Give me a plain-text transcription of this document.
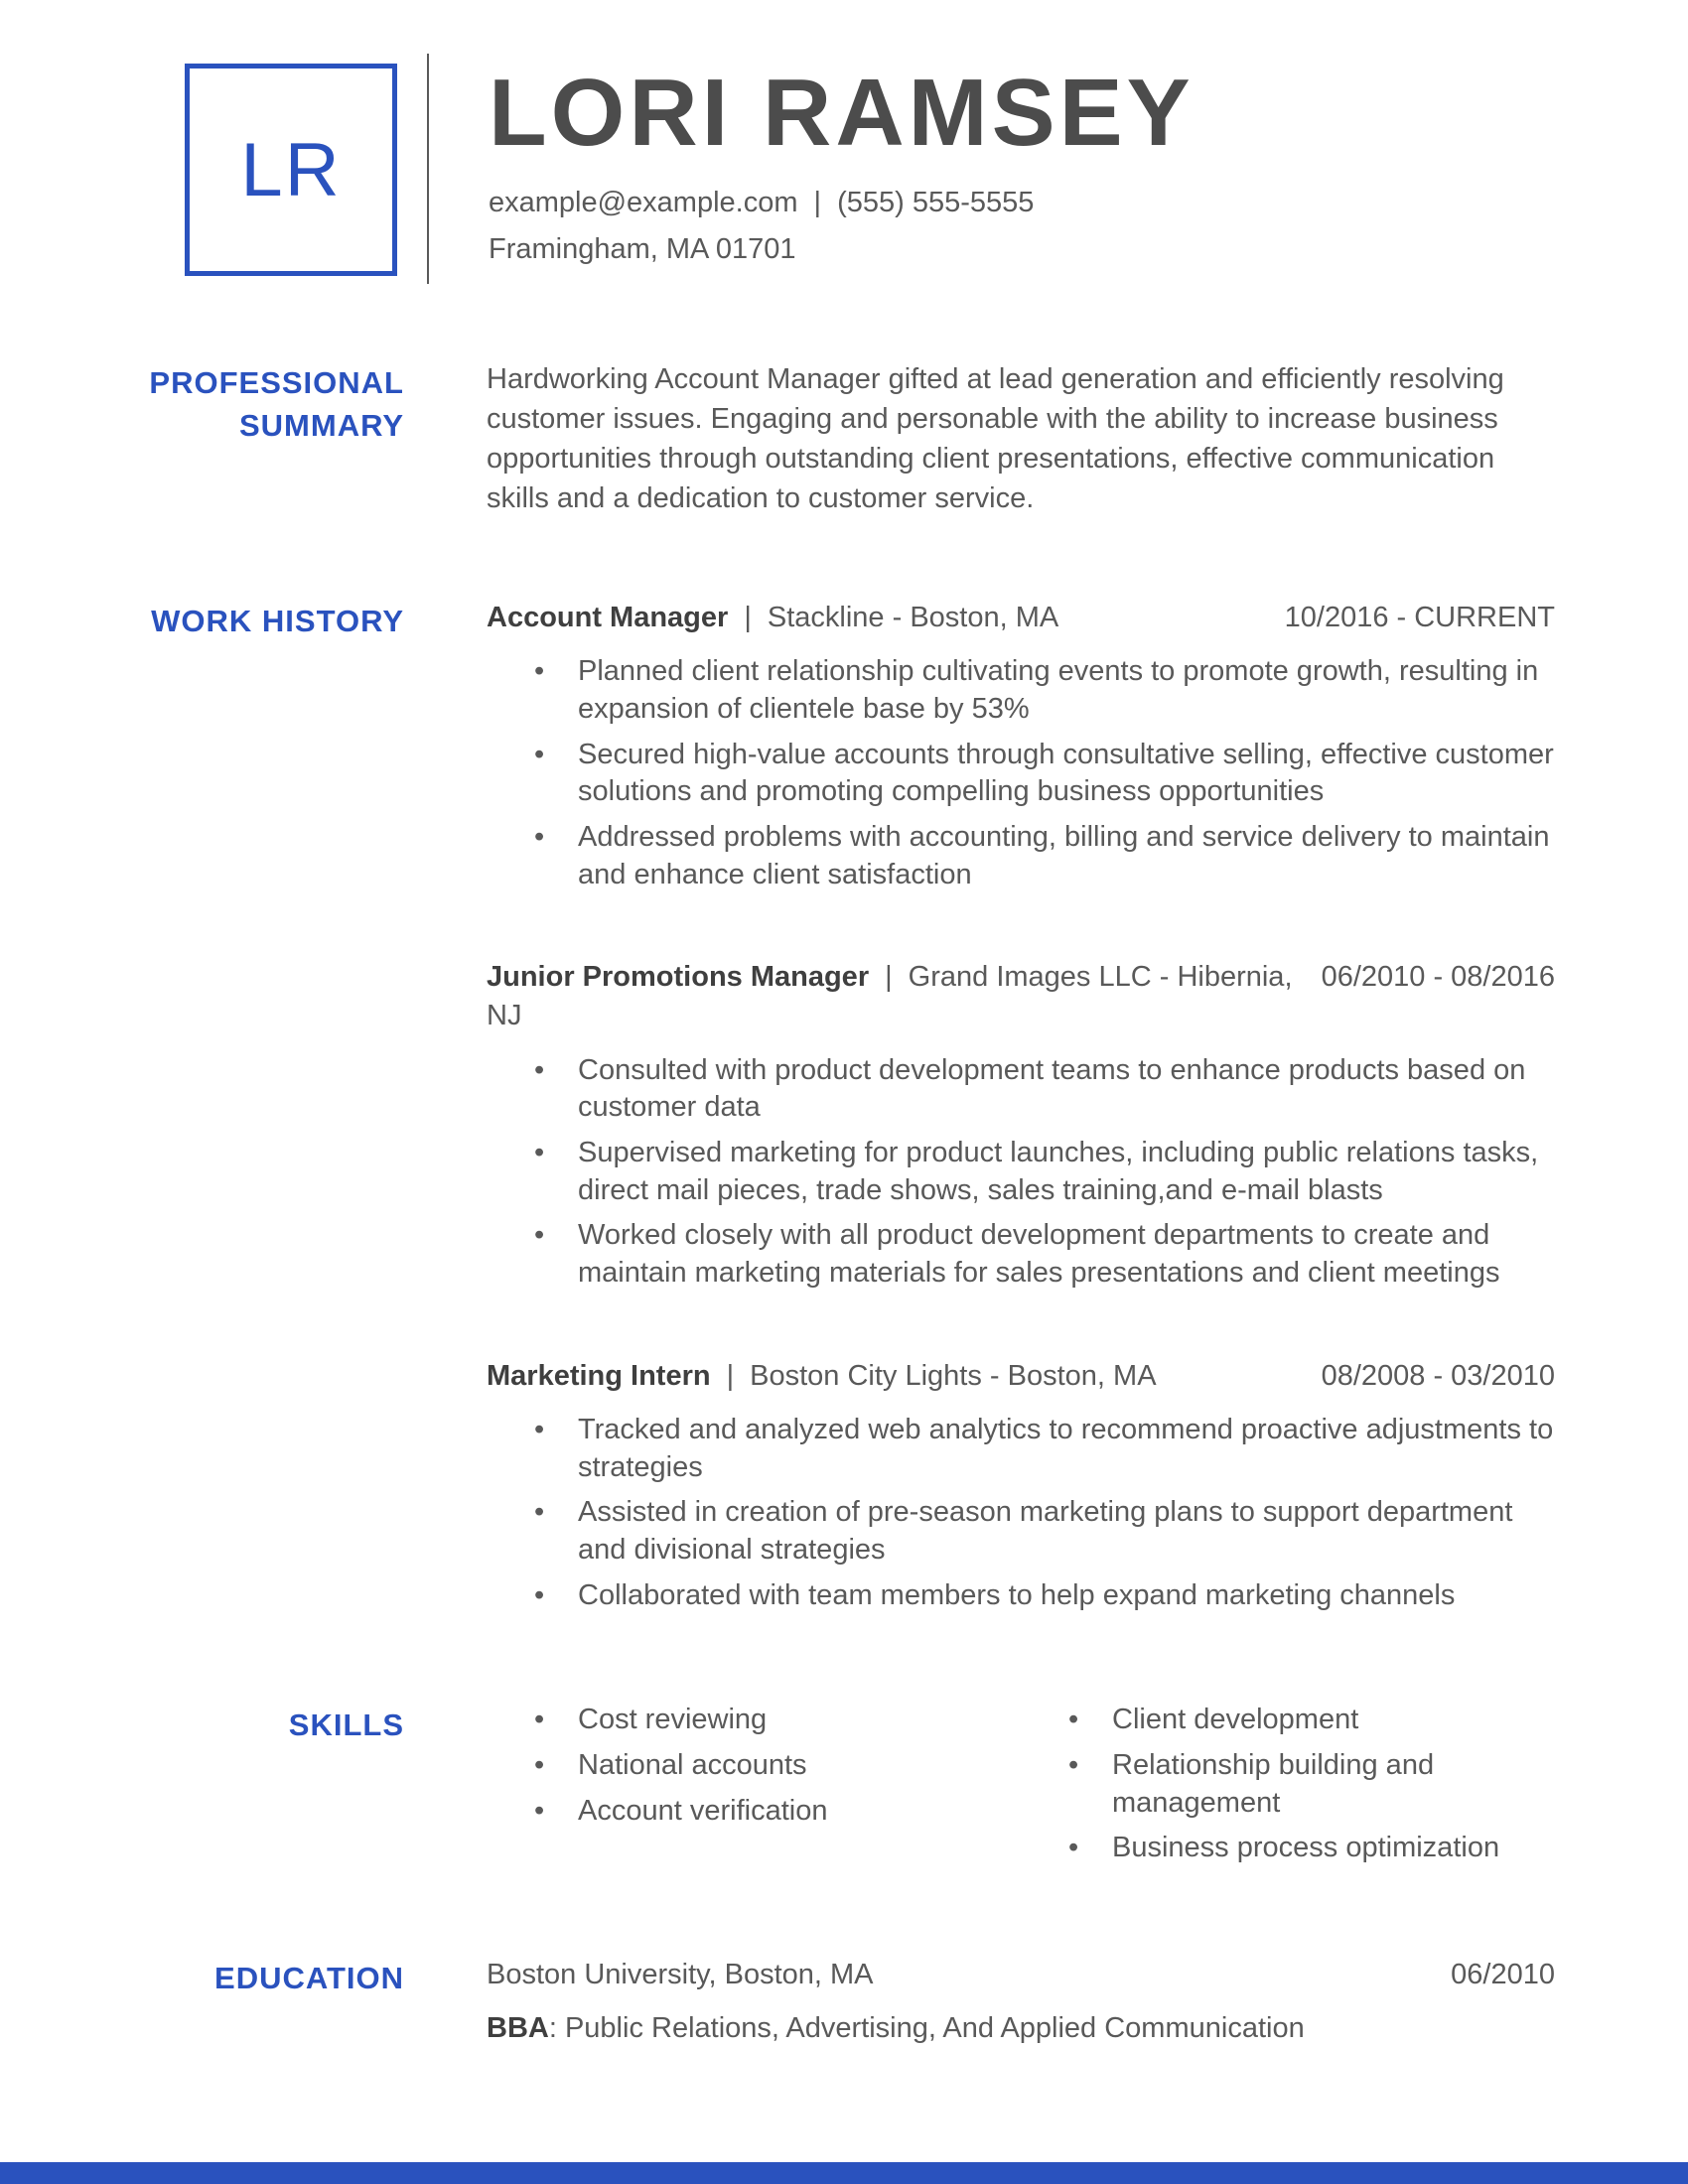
LR
LORI RAMSEY
example@example.com | (555) 555-5555
Framingham, MA 01701
PROFESSIONAL SUMMARY
Hardworking Account Manager gifted at lead generation and efficiently resolving customer issues. Engaging and personable with the ability to increase business opportunities through outstanding client presentations, effective communication skills and a dedication to customer service.
WORK HISTORY	Account Manager | Stackline - Boston, MA	10/2016 - CURRENT
• Planned client relationship cultivating events to promote growth, resulting in expansion of clientele base by 53%
• Secured high-value accounts through consultative selling, effective customer solutions and promoting compelling business opportunities
• Addressed problems with accounting, billing and service delivery to maintain and enhance client satisfaction
Junior Promotions Manager | Grand Images LLC - Hibernia, NJ
06/2010 - 08/2016
• Consulted with product development teams to enhance products based on customer data
• Supervised marketing for product launches, including public relations tasks, direct mail pieces, trade shows, sales training,and e-mail blasts
• Worked closely with all product development departments to create and maintain marketing materials for sales presentations and client meetings
Marketing Intern | Boston City Lights - Boston, MA	08/2008 - 03/2010
• Tracked and analyzed web analytics to recommend proactive adjustments to strategies
• Assisted in creation of pre-season marketing plans to support department and divisional strategies
• Collaborated with team members to help expand marketing channels
SKILLS	• Cost reviewing
• National accounts
• Account verification
• Client development
• Relationship building and management
• Business process optimization
EDUCATION	Boston University, Boston, MA	06/2010
BBA: Public Relations, Advertising, And Applied Communication
